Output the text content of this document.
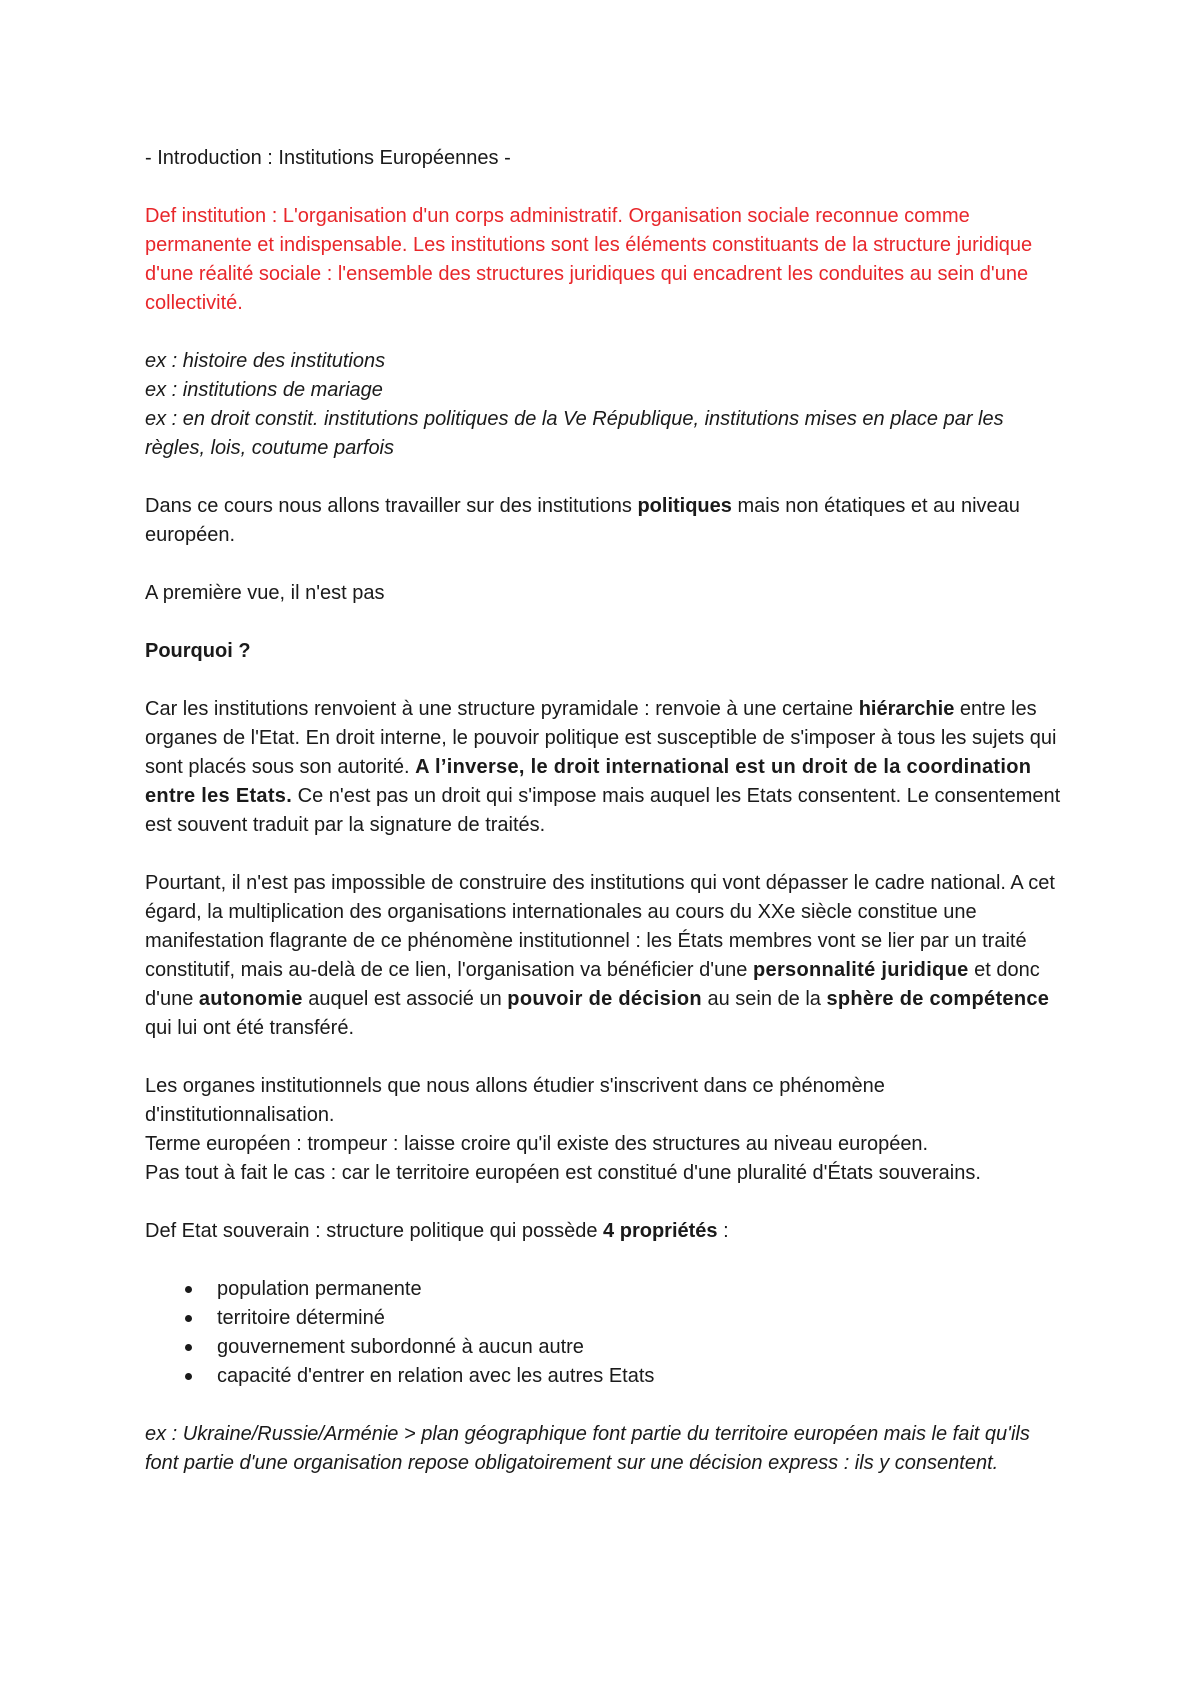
- Introduction : Institutions Européennes -

Def institution : L'organisation d'un corps administratif. Organisation sociale reconnue comme permanente et indispensable. Les institutions sont les éléments constituants de la structure juridique d'une réalité sociale : l'ensemble des structures juridiques qui encadrent les conduites au sein d'une collectivité.

ex : histoire des institutions

ex : institutions de mariage

ex : en droit constit. institutions politiques de la Ve République, institutions mises en place par les règles, lois, coutume parfois

Dans ce cours nous allons travailler sur des institutions politiques mais non étatiques et au niveau européen.

A première vue, il n'est pas

Pourquoi ?

Car les institutions renvoient à une structure pyramidale : renvoie à une certaine hiérarchie entre les organes de l'Etat. En droit interne, le pouvoir politique est susceptible de s'imposer à tous les sujets qui sont placés sous son autorité. A l’inverse, le droit international est un droit de la coordination entre les Etats. Ce n'est pas un droit qui s'impose mais auquel les Etats consentent. Le consentement est souvent traduit par la signature de traités.

Pourtant, il n'est pas impossible de construire des institutions qui vont dépasser le cadre national. A cet égard, la multiplication des organisations internationales au cours du XXe siècle constitue une manifestation flagrante de ce phénomène institutionnel : les États membres vont se lier par un traité constitutif, mais au-delà de ce lien, l'organisation va bénéficier d'une personnalité juridique et donc d'une autonomie auquel est associé un pouvoir de décision au sein de la sphère de compétence qui lui ont été transféré.

Les organes institutionnels que nous allons étudier s'inscrivent dans ce phénomène d'institutionnalisation.

Terme européen : trompeur : laisse croire qu'il existe des structures au niveau européen.

Pas tout à fait le cas : car le territoire européen est constitué d'une pluralité d'États souverains.

Def Etat souverain : structure politique qui possède 4 propriétés :

population permanente
territoire déterminé
gouvernement subordonné à aucun autre
capacité d'entrer en relation avec les autres Etats

ex : Ukraine/Russie/Arménie > plan géographique font partie du territoire européen mais le fait qu'ils font partie d'une organisation repose obligatoirement sur une décision express : ils y consentent.
